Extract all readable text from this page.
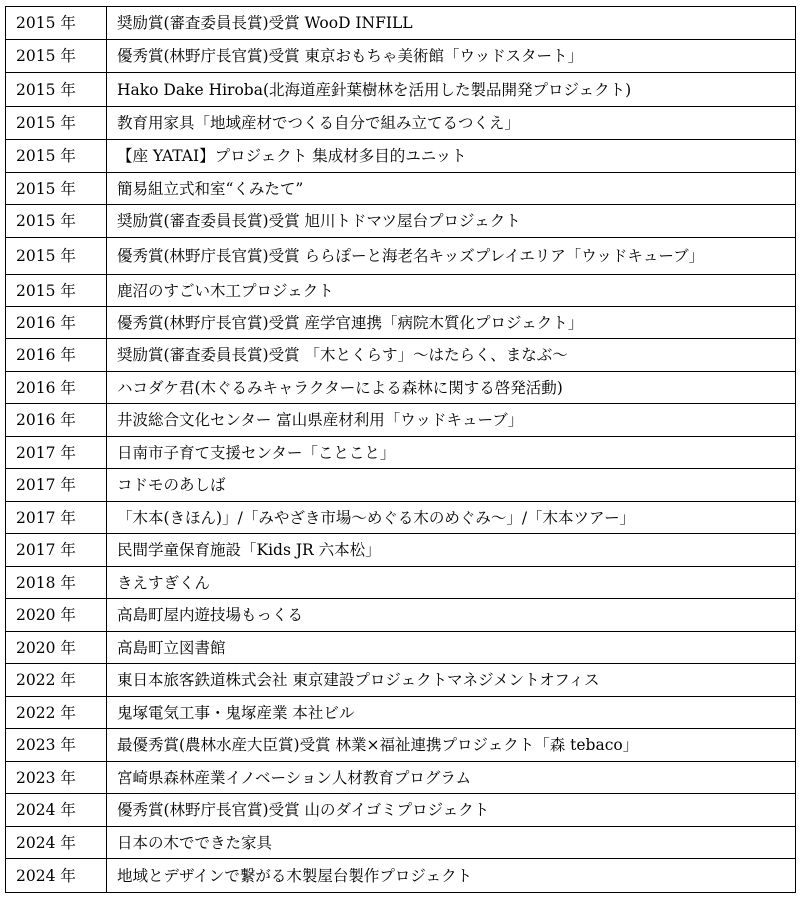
2015 年	奨励賞(審査委員長賞)受賞 WooD INFILL
2015 年	優秀賞(林野庁長官賞)受賞 東京おもちゃ美術館「ウッドスタート」
2015 年	Hako Dake Hiroba(北海道産針葉樹林を活用した製品開発プロジェクト)
2015 年	教育用家具「地域産材でつくる自分で組み立てるつくえ」
2015 年	【座 YATAI】プロジェクト 集成材多目的ユニット
2015 年	簡易組立式和室“くみたて”
2015 年	奨励賞(審査委員長賞)受賞 旭川トドマツ屋台プロジェクト
2015 年	優秀賞(林野庁長官賞)受賞 ららぽーと海老名キッズプレイエリア「ウッドキューブ」
2015 年	鹿沼のすごい木工プロジェクト
2016 年	優秀賞(林野庁長官賞)受賞 産学官連携「病院木質化プロジェクト」
2016 年	奨励賞(審査委員長賞)受賞 「木とくらす」〜はたらく、まなぶ〜
2016 年	ハコダケ君(木ぐるみキャラクターによる森林に関する啓発活動)
2016 年	井波総合文化センター 富山県産材利用「ウッドキューブ」
2017 年	日南市子育て支援センター「ことこと」
2017 年	コドモのあしば
2017 年	「木本(きほん)」/「みやざき市場〜めぐる木のめぐみ〜」/「木本ツアー」
2017 年	民間学童保育施設「Kids JR 六本松」
2018 年	きえすぎくん
2020 年	高島町屋内遊技場もっくる
2020 年	高島町立図書館
2022 年	東日本旅客鉄道株式会社 東京建設プロジェクトマネジメントオフィス
2022 年	鬼塚電気工事・鬼塚産業 本社ビル
2023 年	最優秀賞(農林水産大臣賞)受賞 林業×福祉連携プロジェクト「森 tebaco」
2023 年	宮崎県森林産業イノベーション人材教育プログラム
2024 年	優秀賞(林野庁長官賞)受賞 山のダイゴミプロジェクト
2024 年	日本の木でできた家具
2024 年	地域とデザインで繋がる木製屋台製作プロジェクト
